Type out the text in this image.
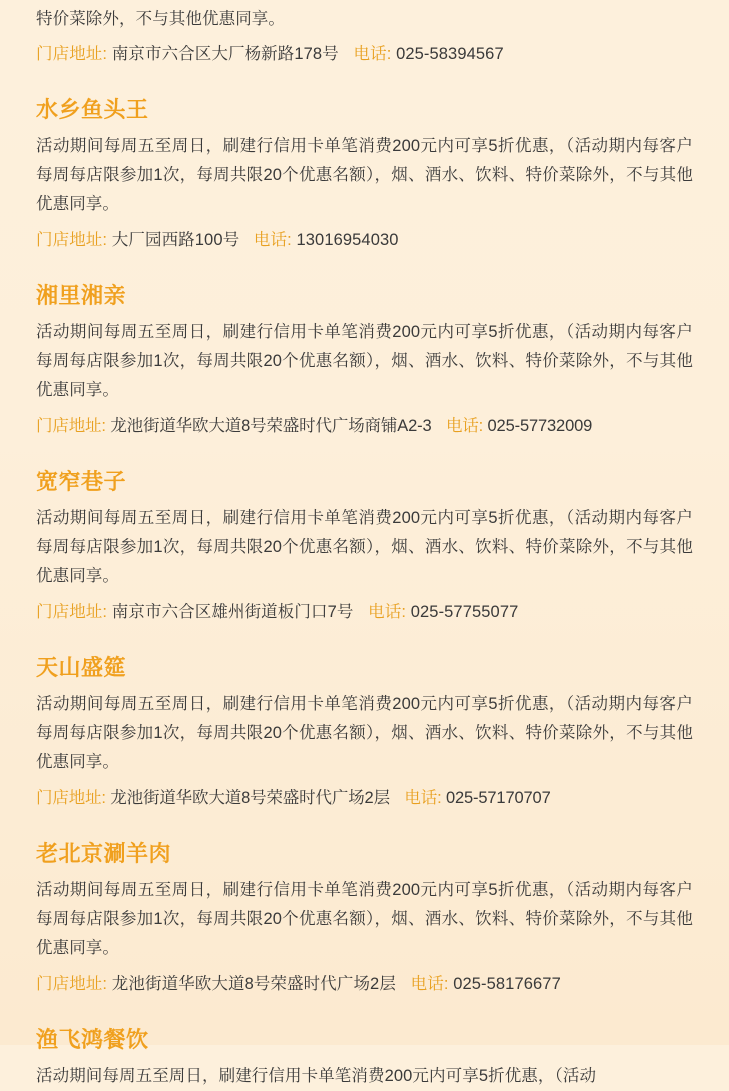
特价菜除外，不与其他优惠同享。
门店地址: 南京市六合区大厂杨新路178号 电话: 025-58394567
水乡鱼头王
活动期间每周五至周日，刷建行信用卡单笔消费200元内可享5折优惠，（活动期内每客户每周每店限参加1次，每周共限20个优惠名额），烟、酒水、饮料、特价菜除外，不与其他优惠同享。
门店地址: 大厂园西路100号 电话: 13016954030
湘里湘亲
活动期间每周五至周日，刷建行信用卡单笔消费200元内可享5折优惠，（活动期内每客户每周每店限参加1次，每周共限20个优惠名额），烟、酒水、饮料、特价菜除外，不与其他优惠同享。
门店地址: 龙池街道华欧大道8号荣盛时代广场商铺A2-3 电话: 025-57732009
宽窄巷子
活动期间每周五至周日，刷建行信用卡单笔消费200元内可享5折优惠，（活动期内每客户每周每店限参加1次，每周共限20个优惠名额），烟、酒水、饮料、特价菜除外，不与其他优惠同享。
门店地址: 南京市六合区雄州街道板门口7号 电话: 025-57755077
天山盛筵
活动期间每周五至周日，刷建行信用卡单笔消费200元内可享5折优惠，（活动期内每客户每周每店限参加1次，每周共限20个优惠名额），烟、酒水、饮料、特价菜除外，不与其他优惠同享。
门店地址: 龙池街道华欧大道8号荣盛时代广场2层 电话: 025-57170707
老北京涮羊肉
活动期间每周五至周日，刷建行信用卡单笔消费200元内可享5折优惠，（活动期内每客户每周每店限参加1次，每周共限20个优惠名额），烟、酒水、饮料、特价菜除外，不与其他优惠同享。
门店地址: 龙池街道华欧大道8号荣盛时代广场2层 电话: 025-58176677
渔飞鸿餐饮
活动期间每周五至周日，刷建行信用卡单笔消费200元内可享5折优惠，（活动
